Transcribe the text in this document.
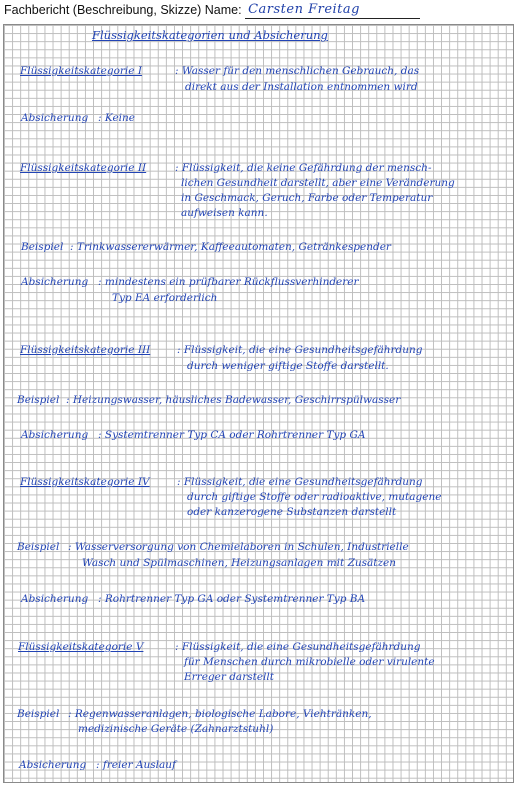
Fachbericht (Beschreibung, Skizze) Name: Carsten Freitag

Flüssigkeitskategorien und Absicherung

Flüssigkeitskategorie I	: Wasser für den menschlichen Gebrauch, das

direkt aus der Installation entnommen wird

Absicherung : Keine

Flüssigkeitskategorie II	: Flüssigkeit, die keine Gefährdung der mensch-

lichen Gesundheit darstellt, aber eine Veränderung

in Geschmack, Geruch, Farbe oder Temperatur

aufweisen kann.

Beispiel : Trinkwassererwärmer, Kaffeeautomaten, Getränkespender

Absicherung : mindestens ein prüfbarer Rückflussverhinderer

Typ EA erforderlich

Flüssigkeitskategorie III	: Flüssigkeit, die eine Gesundheitsgefährdung

durch weniger giftige Stoffe darstellt.

Beispiel : Heizungswasser, häusliches Badewasser, Geschirrspülwasser

Absicherung : Systemtrenner Typ CA oder Rohrtrenner Typ GA

Flüssigkeitskategorie IV	: Flüssigkeit, die eine Gesundheitsgefährdung

durch giftige Stoffe oder radioaktive, mutagene

oder kanzerogene Substanzen darstellt

Beispiel : Wasserversorgung von Chemielaboren in Schulen, Industrielle

Wasch und Spülmaschinen, Heizungsanlagen mit Zusätzen

Absicherung : Rohrtrenner Typ GA oder Systemtrenner Typ BA

Flüssigkeitskategorie V	: Flüssigkeit, die eine Gesundheitsgefährdung

für Menschen durch mikrobielle oder virulente

Erreger darstellt

Beispiel : Regenwasseranlagen, biologische Labore, Viehtränken,

medizinische Geräte (Zahnarztstuhl)

Absicherung : freier Auslauf
